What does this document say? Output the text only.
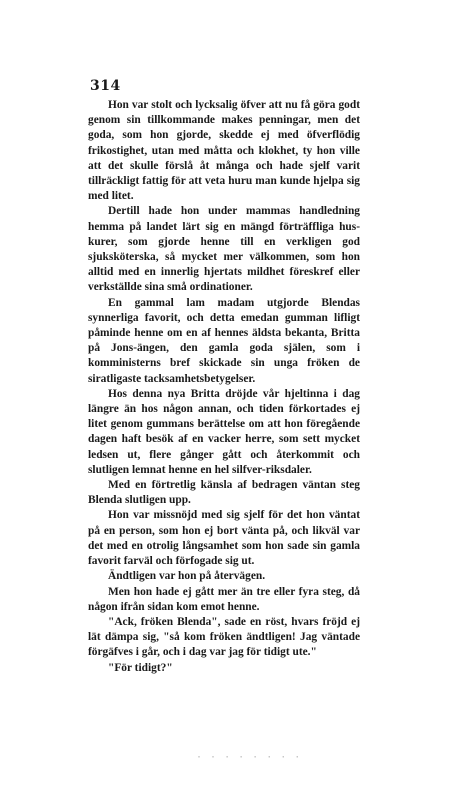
314

Hon var stolt och lycksalig öfver att nu få göra godt genom sin tillkommande makes penningar, men det goda, som hon gjorde, skedde ej med öfverflödig frikostighet, utan med måtta och klokhet, ty hon ville att det skulle förslå åt många och hade sjelf varit tillräckligt fattig för att veta huru man kunde hjelpa sig med litet.

Dertill hade hon under mammas handledning hemma på landet lärt sig en mängd förträffliga hus-kurer, som gjorde henne till en verkligen god sjuksköterska, så mycket mer välkommen, som hon alltid med en innerlig hjertats mildhet föreskref eller verkställde sina små ordinationer.

En gammal lam madam utgjorde Blendas synnerliga favorit, och detta emedan gumman lifligt påminde henne om en af hennes äldsta bekanta, Britta på Jons-ängen, den gamla goda själen, som i komministerns bref skickade sin unga fröken de siratligaste tacksamhetsbetygelser.

Hos denna nya Britta dröjde vår hjeltinna i dag längre än hos någon annan, och tiden förkortades ej litet genom gummans berättelse om att hon föregående dagen haft besök af en vacker herre, som sett mycket ledsen ut, flere gånger gått och återkommit och slutligen lemnat henne en hel silfver-riksdaler.

Med en förtretlig känsla af bedragen väntan steg Blenda slutligen upp.

Hon var missnöjd med sig sjelf för det hon väntat på en person, som hon ej bort vänta på, och likväl var det med en otrolig långsamhet som hon sade sin gamla favorit farväl och förfogade sig ut.

Ändtligen var hon på återvägen.

Men hon hade ej gått mer än tre eller fyra steg, då någon ifrån sidan kom emot henne.

"Ack, fröken Blenda", sade en röst, hvars fröjd ej lät dämpa sig, "så kom fröken ändtligen! Jag väntade förgäfves i går, och i dag var jag för tidigt ute."

"För tidigt?"

· · · · · · · ·
